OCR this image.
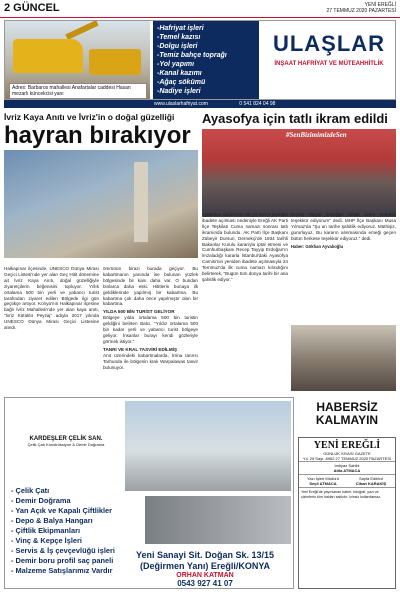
2 GÜNCEL	YENİ EREĞLİ
27 TEMMUZ 2020 PAZARTESİ
Adres: Barbaros mahallesi Anafartalar caddesi Hasan mezarlı küncekcisi yanı
-Hafriyat işleri
-Temel kazısı
-Dolgu işleri
-Temiz bahçe toprağı
-Yol yapımı
-Kanal kazımı
-Ağaç sökümü
-Nadiye işleri
ULAŞLAR
İNŞAAT HAFRİYAT VE MÜTEAHHİTLİK
www.ulaslarhafriyat.com	0 541 824 04 98
İvriz Kaya Anıtı ve İvriz'in o doğal güzelliği
hayran bırakıyor
Halkapınar ilçesinde, UNESCO Dünya Mirası Geçici Listesi'nde yer alan Geç Hitit dönemine ait İvriz Kaya Anıtı, doğal güzelliğiyle ziyaretçilerin beğenisini topluyor. Yıllık ortalama 500 bin yerli ve yabancı turist tarafından ziyaret edilen Bölgede ilgi gün geçtikçe artıyor. Konya'nın Halkapınar ilçesine bağlı İvriz Mahallesi'nde yer alan kaya anıtı, "İvriz Kütüklü Peyzaj" adıyla 2017 yılında UNESCO Dünya Mirası Geçici Listesine alındı.
ömrünün birazı burada geçiyor. Bu kabartmanın yanında ise bulunan yüzlek bölgesinde bir kanı daha var. O bundan binlarca daha eski. Hititlerin bunaya ilk geldiklerinde yapılmış bir kabartma. Bu kabartma çok daha önce yapılmıştır olan bir kabartma.
YILDA 500 BİN TURİST GELİYOR
Bölgeye yılda ortalama 500 bin turistin geldiğini belirten Balcı, "Yıldız ortalama 500 bin kadar yerli ve yabancı turist bölgeye geliyor. İnsanlar burayı kendi gözleriyle görmek istiyor."
TANRI VE KRAL TASVİRİ EDİLMİŞ
Anıt üzerindeki kabartmalarda, İrrina tanrısı Tarhunda ile bölgenin kralı Warpalawas tasvir bulunuyor.
Ayasofya için tatlı ikram edildi
#SenBizimimizdeSen
Ayasofya Camisi'nin 86 yıl sonra yeniden ibadete açılması nedeniyle Ereğli AK Parti İlçe Teşkilatı Cuma namazı sonrası tatlı ikramında bulundu. AK Parti İlçe Başkanı Zübeyir Dursun, Dernekçi'de 1934 tarihli Bakanlar Kurulu kararıyla iptal etmesi ve Cumhurbaşkanı Recep Tayyip Erdoğan'ın imzaladığı kararla İstanbul'daki Ayasofya Camisi'nin yeniden ibadete açılmasıyla 24 Temmuz'da ilk cuma namazı kılındığını belirterek, "Bugün tüm dünya tarihi bir ana şahitlik ediyor."
Recep Tayyip Erdoğan olmak üzere herkese teşekkür ediyorum" dedi. MHP İlçe Başkanı Musa Yılmaz'da "Şu an tarihe şahitlik ediyoruz. Müthişiz, gururluyuz. Bu kararın alınmasında emeği geçen bütün herkese teşekkür ediyoruz." dedi.
Haber: Gökhan Ayvalıoğlu
KARDEŞLER ÇELİK SAN.
Çelik Çatı Konstrüksiyon & Demir Doğrama
- Çelik Çatı
- Demir Doğrama
- Yan Açık ve Kapalı Çiftlikler
- Depo & Balya Hangarı
- Çiftlik Ekipmanları
- Vinç & Kepçe İşleri
- Servis & İş çevçevlüğü işleri
- Demir boru profil saç paneli
- Malzeme Satışlarımız Vardır
Yeni Sanayi Sit. Doğan Sk. 13/15 (Değirmen Yanı) Ereğli/KONYA
ORHAN KATMAN
0543 927 41 07
HABERSİZ
KALMAYIN
YENİ EREĞLİ
GÜNLÜK SİYASİ GAZETE
Yıl: 29 Sayı: 8962 27 TEMMUZ 2020 PAZARTESİ
İmtiyaz Sahibi
Atila ATMACA
Yazı İşleri Müdürü
Seçil ATMACA
Sayfa Editörü
Cihan KARAKİŞ
Yeni Ereğli'de yayınlanan haber, fotoğraf, yazı ve çizimlerin tüm hakları saklıdır. İzinsiz kullanılamaz.
